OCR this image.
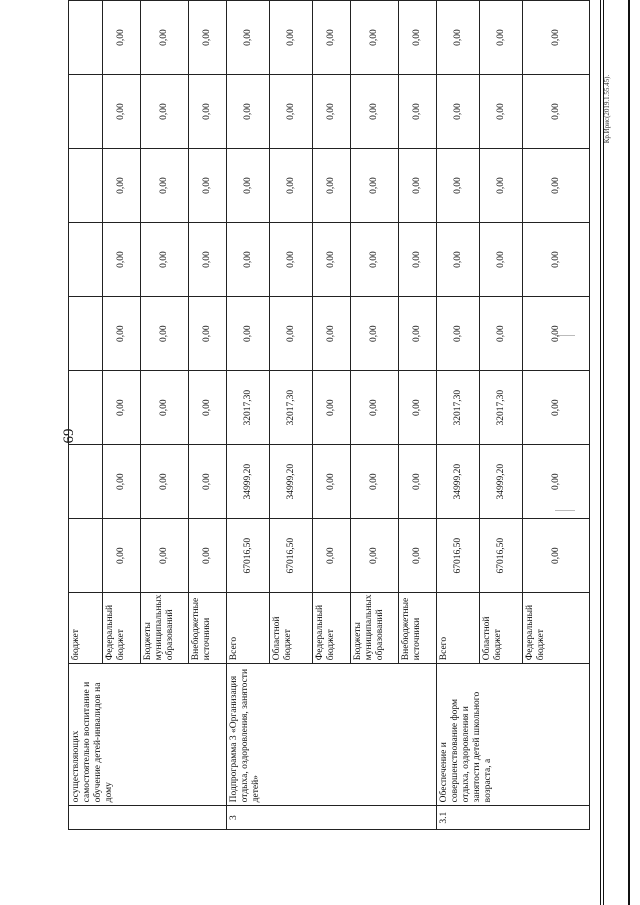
69
Кр.Ирис(2019.1.55.45).
	осуществляющих самостоятельно воспитание и обучение детей-инвалидов на дому	бюджет								
		Федеральный бюджет	0,00	0,00	0,00	0,00	0,00	0,00	0,00	0,00
		Бюджеты муниципальных образований	0,00	0,00	0,00	0,00	0,00	0,00	0,00	0,00
		Внебюджетные источники	0,00	0,00	0,00	0,00	0,00	0,00	0,00	0,00
3	Подпрограмма 3 «Организация отдыха, оздоровления, занятости детей»	Всего	67016,50	34999,20	32017,30	0,00	0,00	0,00	0,00	0,00
		Областной бюджет	67016,50	34999,20	32017,30	0,00	0,00	0,00	0,00	0,00
		Федеральный бюджет	0,00	0,00	0,00	0,00	0,00	0,00	0,00	0,00
		Бюджеты муниципальных образований	0,00	0,00	0,00	0,00	0,00	0,00	0,00	0,00
		Внебюджетные источники	0,00	0,00	0,00	0,00	0,00	0,00	0,00	0,00
3.1	Обеспечение и совершенствование форм отдыха, оздоровления и занятости детей школьного возраста, а	Всего	67016,50	34999,20	32017,30	0,00	0,00	0,00	0,00	0,00
		Областной бюджет	67016,50	34999,20	32017,30	0,00	0,00	0,00	0,00	0,00
		Федеральный бюджет	0,00	0,00	0,00	0,00	0,00	0,00	0,00	0,00
